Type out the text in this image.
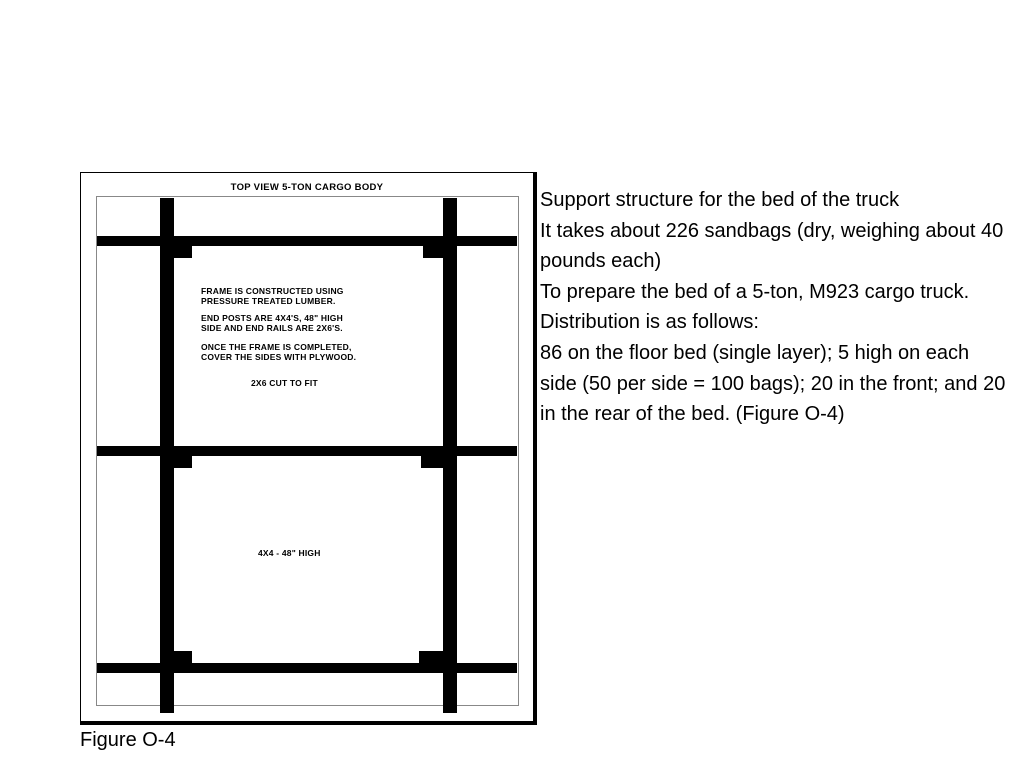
TOP VIEW 5-TON CARGO BODY
FRAME IS CONSTRUCTED USING
PRESSURE TREATED LUMBER.
END POSTS ARE 4X4'S, 48" HIGH
SIDE AND END RAILS ARE 2X6'S.
ONCE THE FRAME IS COMPLETED,
COVER THE SIDES WITH PLYWOOD.
2X6 CUT TO FIT
4X4 - 48" HIGH
Figure O-4
Support structure for the bed of the truck
It takes about 226 sandbags (dry, weighing about 40 pounds each)
To prepare the bed of a 5-ton, M923 cargo truck.
Distribution is as follows:
86 on the floor bed (single layer); 5 high on each side (50 per side = 100 bags); 20 in the front; and 20 in the rear of the bed. (Figure O-4)
